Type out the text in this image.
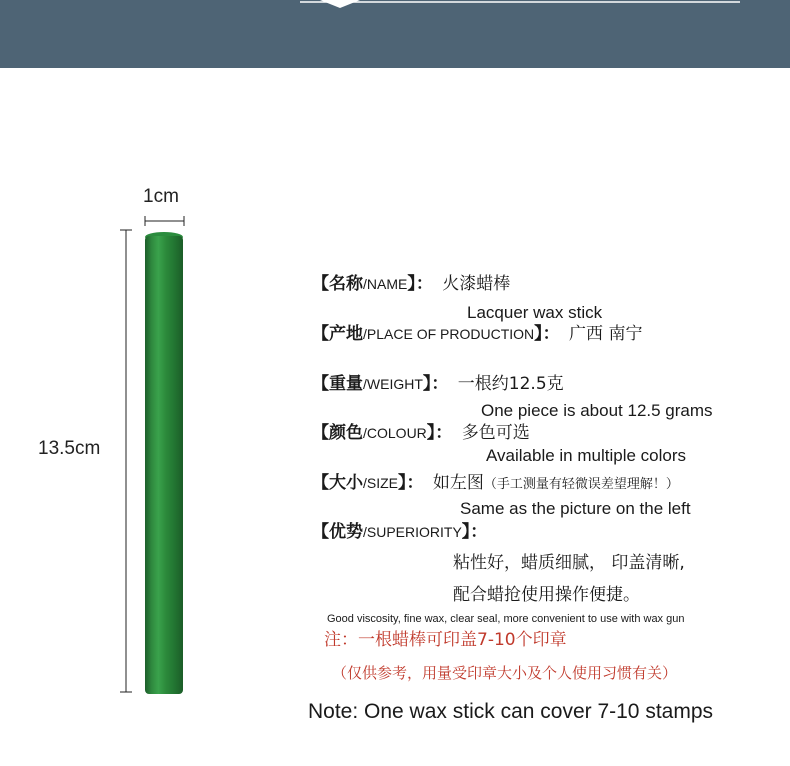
1cm
13.5cm
【名称/NAME】： 火漆蜡棒
Lacquer wax stick
【产地/PLACE OF PRODUCTION】： 广西 南宁
【重量/WEIGHT】： 一根约12.5克
One piece is about 12.5 grams
【颜色/COLOUR】： 多色可选
Available in multiple colors
【大小/SIZE】： 如左图（手工测量有轻微误差望理解！）
Same as the picture on the left
【优势/SUPERIORITY】：
粘性好，蜡质细腻， 印盖清晰,
配合蜡抢使用操作便捷。
Good viscosity, fine wax, clear seal, more convenient to use with wax gun
注：一根蜡棒可印盖7-10个印章
（仅供参考，用量受印章大小及个人使用习惯有关）
Note: One wax stick can cover 7-10 stamps
